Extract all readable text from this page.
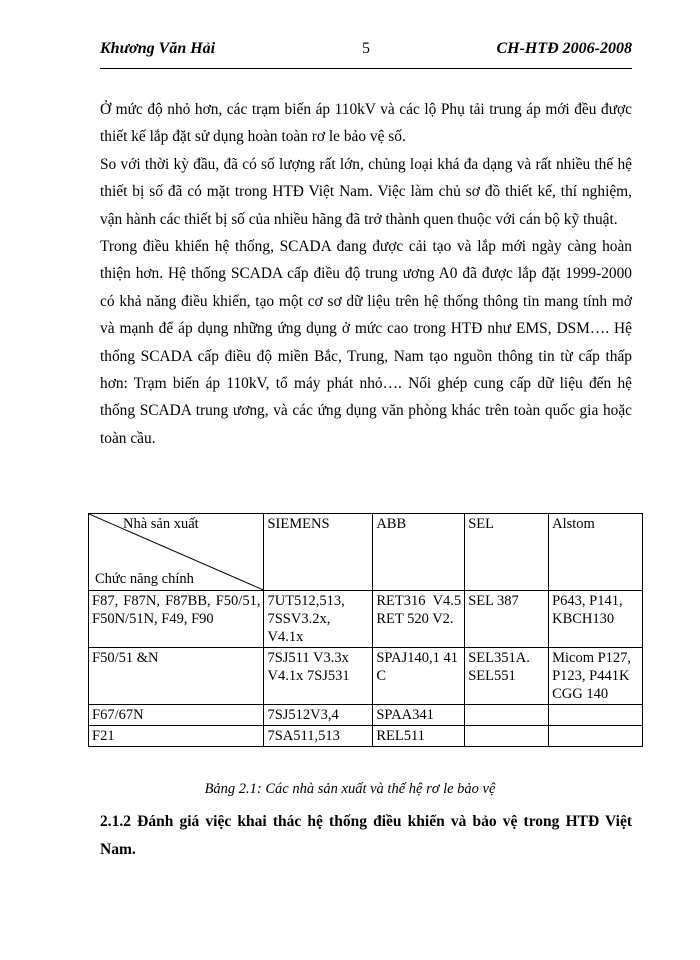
Khương Văn Hải	5	CH-HTĐ 2006-2008

Ở mức độ nhỏ hơn, các trạm biến áp 110kV và các lộ Phụ tải trung áp mới đều được thiết kế lắp đặt sử dụng hoàn toàn rơ le bảo vệ số.

So với thời kỳ đầu, đã có số lượng rất lớn, chủng loại khá đa dạng và rất nhiều thế hệ thiết bị số đã có mặt trong HTĐ Việt Nam. Việc làm chủ sơ đồ thiết kế, thí nghiệm, vận hành các thiết bị số của nhiều hãng đã trở thành quen thuộc với cán bộ kỹ thuật.

Trong điều khiển hệ thống, SCADA đang được cải tạo và lắp mới ngày càng hoàn thiện hơn. Hệ thống SCADA cấp điều độ trung ương A0 đã được lắp đặt 1999-2000 có khả năng điều khiển, tạo một cơ sơ dữ liệu trên hệ thống thông tin mang tính mở và mạnh để áp dụng những ứng dụng ở mức cao trong HTĐ như EMS, DSM…. Hệ thống SCADA cấp điều độ miền Bắc, Trung, Nam tạo nguồn thông tin từ cấp thấp hơn: Trạm biến áp 110kV, tổ máy phát nhỏ…. Nối ghép cung cấp dữ liệu đến hệ thống SCADA trung ương, và các ứng dụng văn phòng khác trên toàn quốc gia hoặc toàn cầu.

Nhà sản xuất
Chức năng chính	SIEMENS	ABB	SEL	Alstom
F87, F87N, F87BB, F50/51, F50N/51N, F49, F90	7UT512,513, 7SSV3.2x, V4.1x	RET316 V4.5 RET 520 V2.	SEL 387	P643, P141, KBCH130
F50/51 &N	7SJ511 V3.3x V4.1x 7SJ531	SPAJ140,1 41C	SEL351A. SEL551	Micom P127,P123, P441KCGG 140
F67/67N	7SJ512V3,4	SPAA341		
F21	7SA511,513	REL511		
Bảng 2.1: Các nhà sản xuất và thế hệ rơ le bảo vệ
2.1.2 Đánh giá việc khai thác hệ thống điều khiển và bảo vệ trong HTĐ Việt Nam.
